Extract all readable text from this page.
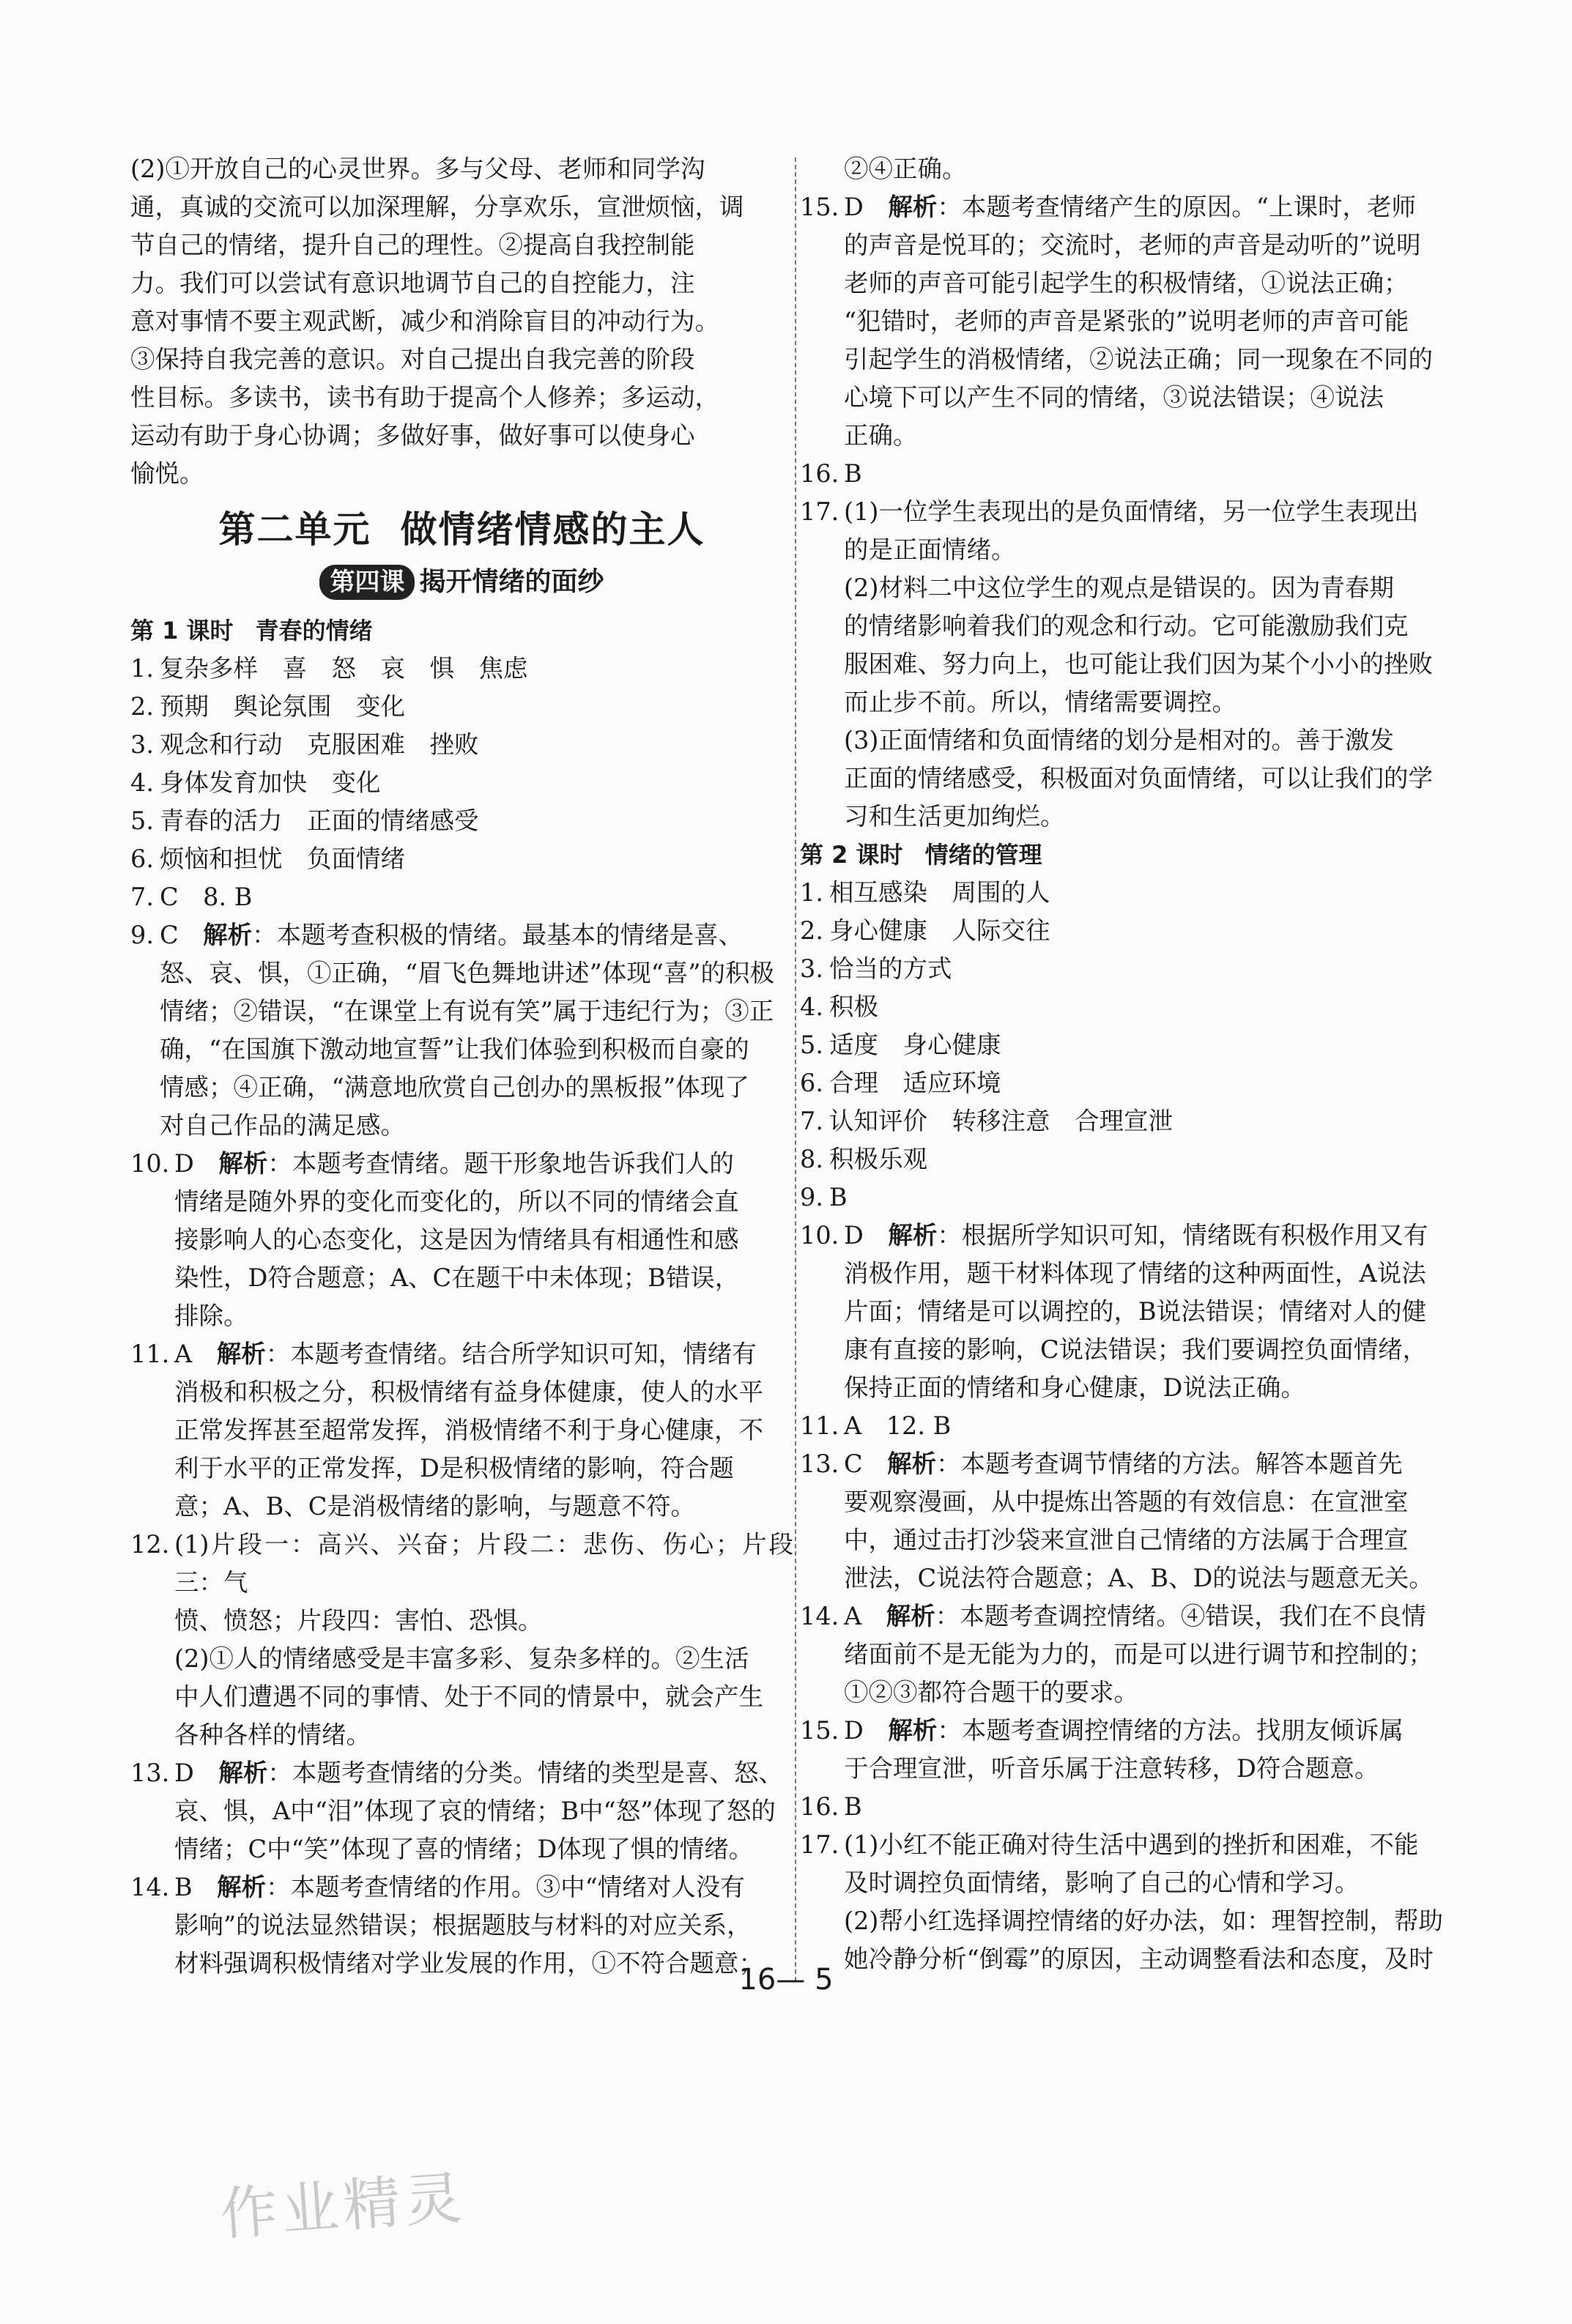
(2)①开放自己的心灵世界。多与父母、老师和同学沟
通，真诚的交流可以加深理解，分享欢乐，宣泄烦恼，调
节自己的情绪，提升自己的理性。②提高自我控制能
力。我们可以尝试有意识地调节自己的自控能力，注
意对事情不要主观武断，减少和消除盲目的冲动行为。
③保持自我完善的意识。对自己提出自我完善的阶段
性目标。多读书，读书有助于提高个人修养；多运动，
运动有助于身心协调；多做好事，做好事可以使身心
愉悦。
第二单元 做情绪情感的主人
第四课 揭开情绪的面纱
第 1 课时 青春的情绪
1. 复杂多样　喜　怒　哀　惧　焦虑
2. 预期　舆论氛围　变化
3. 观念和行动　克服困难　挫败
4. 身体发育加快　变化
5. 青春的活力　正面的情绪感受
6. 烦恼和担忧　负面情绪
7. C　8. B
9. C　解析：本题考查积极的情绪。最基本的情绪是喜、
怒、哀、惧，①正确，“眉飞色舞地讲述”体现“喜”的积极
情绪；②错误，“在课堂上有说有笑”属于违纪行为；③正
确，“在国旗下激动地宣誓”让我们体验到积极而自豪的
情感；④正确，“满意地欣赏自己创办的黑板报”体现了
对自己作品的满足感。
10. D　解析：本题考查情绪。题干形象地告诉我们人的
情绪是随外界的变化而变化的，所以不同的情绪会直
接影响人的心态变化，这是因为情绪具有相通性和感
染性，D符合题意；A、C在题干中未体现；B错误，
排除。
11. A　解析：本题考查情绪。结合所学知识可知，情绪有
消极和积极之分，积极情绪有益身体健康，使人的水平
正常发挥甚至超常发挥，消极情绪不利于身心健康，不
利于水平的正常发挥，D是积极情绪的影响，符合题
意；A、B、C是消极情绪的影响，与题意不符。
12. (1)片段一：高兴、兴奋；片段二：悲伤、伤心；片段三：气
愤、愤怒；片段四：害怕、恐惧。
(2)①人的情绪感受是丰富多彩、复杂多样的。②生活
中人们遭遇不同的事情、处于不同的情景中，就会产生
各种各样的情绪。
13. D　解析：本题考查情绪的分类。情绪的类型是喜、怒、
哀、惧，A中“泪”体现了哀的情绪；B中“怒”体现了怒的
情绪；C中“笑”体现了喜的情绪；D体现了惧的情绪。
14. B　解析：本题考查情绪的作用。③中“情绪对人没有
影响”的说法显然错误；根据题肢与材料的对应关系，
材料强调积极情绪对学业发展的作用，①不符合题意；
②④正确。
15. D　解析：本题考查情绪产生的原因。“上课时，老师
的声音是悦耳的；交流时，老师的声音是动听的”说明
老师的声音可能引起学生的积极情绪，①说法正确；
“犯错时，老师的声音是紧张的”说明老师的声音可能
引起学生的消极情绪，②说法正确；同一现象在不同的
心境下可以产生不同的情绪，③说法错误；④说法
正确。
16. B
17. (1)一位学生表现出的是负面情绪，另一位学生表现出
的是正面情绪。
(2)材料二中这位学生的观点是错误的。因为青春期
的情绪影响着我们的观念和行动。它可能激励我们克
服困难、努力向上，也可能让我们因为某个小小的挫败
而止步不前。所以，情绪需要调控。
(3)正面情绪和负面情绪的划分是相对的。善于激发
正面的情绪感受，积极面对负面情绪，可以让我们的学
习和生活更加绚烂。
第 2 课时 情绪的管理
1. 相互感染　周围的人
2. 身心健康　人际交往
3. 恰当的方式
4. 积极
5. 适度　身心健康
6. 合理　适应环境
7. 认知评价　转移注意　合理宣泄
8. 积极乐观
9. B
10. D　解析：根据所学知识可知，情绪既有积极作用又有
消极作用，题干材料体现了情绪的这种两面性，A说法
片面；情绪是可以调控的，B说法错误；情绪对人的健
康有直接的影响，C说法错误；我们要调控负面情绪，
保持正面的情绪和身心健康，D说法正确。
11. A　12. B
13. C　解析：本题考查调节情绪的方法。解答本题首先
要观察漫画，从中提炼出答题的有效信息：在宣泄室
中，通过击打沙袋来宣泄自己情绪的方法属于合理宣
泄法，C说法符合题意；A、B、D的说法与题意无关。
14. A　解析：本题考查调控情绪。④错误，我们在不良情
绪面前不是无能为力的，而是可以进行调节和控制的；
①②③都符合题干的要求。
15. D　解析：本题考查调控情绪的方法。找朋友倾诉属
于合理宣泄，听音乐属于注意转移，D符合题意。
16. B
17. (1)小红不能正确对待生活中遇到的挫折和困难，不能
及时调控负面情绪，影响了自己的心情和学习。
(2)帮小红选择调控情绪的好办法，如：理智控制，帮助
她冷静分析“倒霉”的原因，主动调整看法和态度，及时
16— 5
作业精灵
